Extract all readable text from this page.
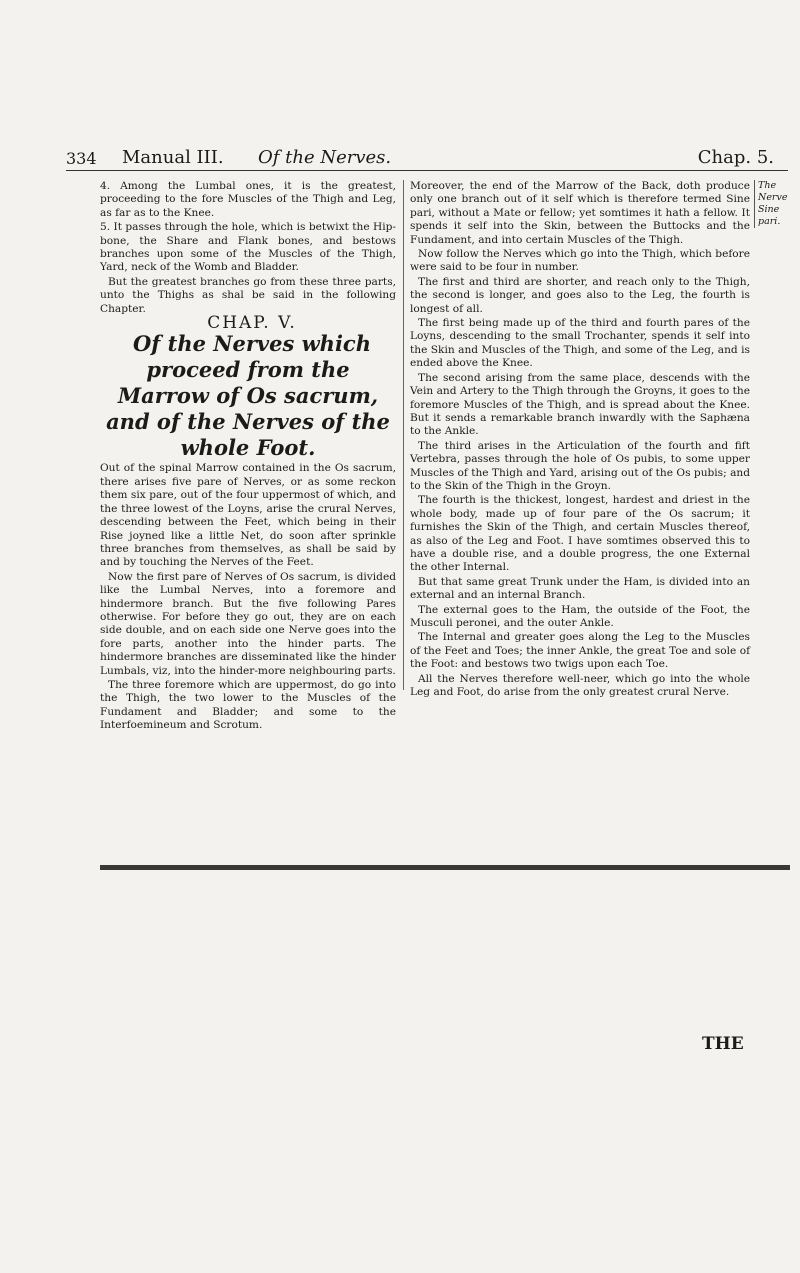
334 Manual III. Of the Nerves.	Chap. 5.

4. Among the Lumbal ones, it is the greatest, proceeding to the fore Muscles of the Thigh and Leg, as far as to the Knee.

5. It passes through the hole, which is betwixt the Hip-bone, the Share and Flank bones, and bestows branches upon some of the Muscles of the Thigh, Yard, neck of the Womb and Bladder.

But the greatest branches go from these three parts, unto the Thighs as shal be said in the following Chapter.

CHAP. V.

Of the Nerves which proceed from the Marrow of Os sacrum, and of the Nerves of the whole Foot.

Out of the spinal Marrow contained in the Os sacrum, there arises five pare of Nerves, or as some reckon them six pare, out of the four uppermost of which, and the three lowest of the Loyns, arise the crural Nerves, descending between the Feet, which being in their Rise joyned like a little Net, do soon after sprinkle three branches from themselves, as shall be said by and by touching the Nerves of the Feet.

Now the first pare of Nerves of Os sacrum, is divided like the Lumbal Nerves, into a foremore and hindermore branch. But the five following Pares otherwise. For before they go out, they are on each side double, and on each side one Nerve goes into the fore parts, another into the hinder parts. The hindermore branches are disseminated like the hinder Lumbals, viz, into the hinder-more neighbouring parts.

The three foremore which are uppermost, do go into the Thigh, the two lower to the Muscles of the Fundament and Bladder; and some to the Interfoemineum and Scrotum.

Moreover, the end of the Marrow of the Back, doth produce only one branch out of it self which is therefore termed Sine pari, without a Mate or fellow; yet somtimes it hath a fellow. It spends it self into the Skin, between the Buttocks and the Fundament, and into certain Muscles of the Thigh.

Now follow the Nerves which go into the Thigh, which before were said to be four in number.

The first and third are shorter, and reach only to the Thigh, the second is longer, and goes also to the Leg, the fourth is longest of all.

The first being made up of the third and fourth pares of the Loyns, descending to the small Trochanter, spends it self into the Skin and Muscles of the Thigh, and some of the Leg, and is ended above the Knee.

The second arising from the same place, descends with the Vein and Artery to the Thigh through the Groyns, it goes to the foremore Muscles of the Thigh, and is spread about the Knee. But it sends a remarkable branch inwardly with the Saphæna to the Ankle.

The third arises in the Articulation of the fourth and fift Vertebra, passes through the hole of Os pubis, to some upper Muscles of the Thigh and Yard, arising out of the Os pubis; and to the Skin of the Thigh in the Groyn.

The fourth is the thickest, longest, hardest and driest in the whole body, made up of four pare of the Os sacrum; it furnishes the Skin of the Thigh, and certain Muscles thereof, as also of the Leg and Foot. I have somtimes observed this to have a double rise, and a double progress, the one External the other Internal.

But that same great Trunk under the Ham, is divided into an external and an internal Branch.

The external goes to the Ham, the outside of the Foot, the Musculi peronei, and the outer Ankle.

The Internal and greater goes along the Leg to the Muscles of the Feet and Toes; the inner Ankle, the great Toe and sole of the Foot: and bestows two twigs upon each Toe.

All the Nerves therefore well-neer, which go into the whole Leg and Foot, do arise from the only greatest crural Nerve.

The Nerve Sine pari.
THE
